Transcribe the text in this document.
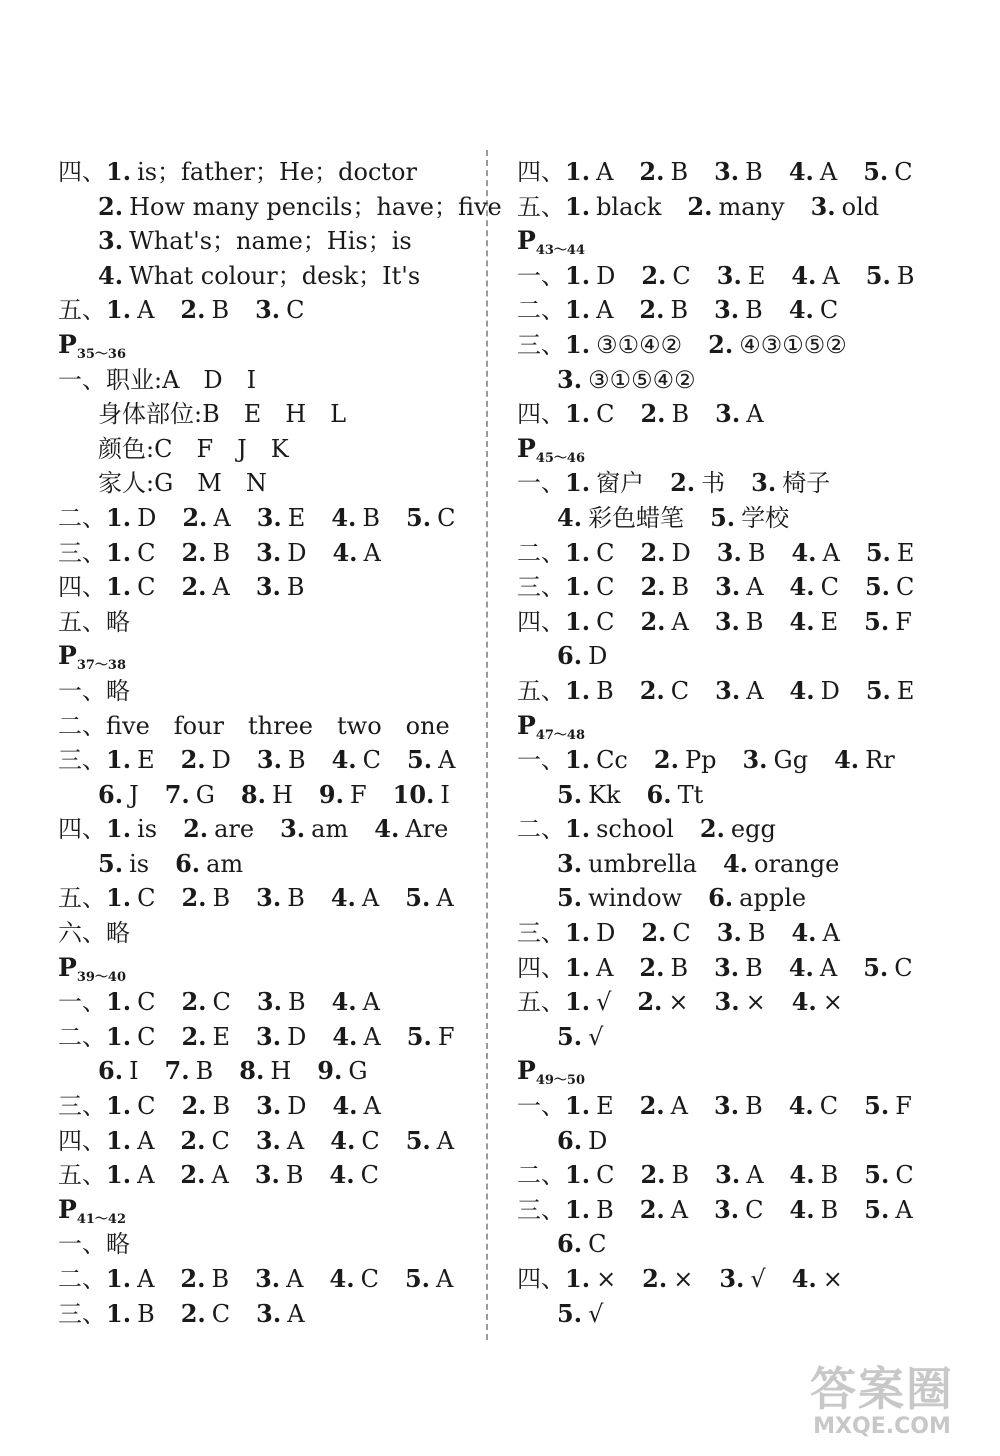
四、1. is；father；He；doctor
2. How many pencils；have；five
3. What's；name；His；is
4. What colour；desk；It's
五、1. A 2. B 3. C
$P_{35\sim 36}$
一、职业:A　D　I
身体部位:B　E　H　L
颜色:C　F　J　K
家人:G　M　N
二、1. D 2. A 3. E 4. B 5. C
三、1. C 2. B 3. D 4. A
四、1. C 2. A 3. B
五、略
$P_{37\sim 38}$
一、略
二、five　four　three　two　one
三、1. E 2. D 3. B 4. C 5. A
6. J 7. G 8. H 9. F 10. I
四、1. is 2. are 3. am 4. Are
5. is 6. am
五、1. C 2. B 3. B 4. A 5. A
六、略
$P_{39\sim 40}$
一、1. C 2. C 3. B 4. A
二、1. C 2. E 3. D 4. A 5. F
6. I 7. B 8. H 9. G
三、1. C 2. B 3. D 4. A
四、1. A 2. C 3. A 4. C 5. A
五、1. A 2. A 3. B 4. C
$P_{41\sim 42}$
一、略
二、1. A 2. B 3. A 4. C 5. A
三、1. B 2. C 3. A
四、1. A 2. B 3. B 4. A 5. C
五、1. black 2. many 3. old
$P_{43\sim 44}$
一、1. D 2. C 3. E 4. A 5. B
二、1. A 2. B 3. B 4. C
三、1. ③①④② 2. ④③①⑤②
3. ③①⑤④②
四、1. C 2. B 3. A
$P_{45\sim 46}$
一、1. 窗户 2. 书 3. 椅子
4. 彩色蜡笔 5. 学校
二、1. C 2. D 3. B 4. A 5. E
三、1. C 2. B 3. A 4. C 5. C
四、1. C 2. A 3. B 4. E 5. F
6. D
五、1. B 2. C 3. A 4. D 5. E
$P_{47\sim 48}$
一、1. Cc 2. Pp 3. Gg 4. Rr
5. Kk 6. Tt
二、1. school 2. egg
3. umbrella 4. orange
5. window 6. apple
三、1. D 2. C 3. B 4. A
四、1. A 2. B 3. B 4. A 5. C
五、1. √ 2. × 3. × 4. ×
5. √
$P_{49\sim 50}$
一、1. E 2. A 3. B 4. C 5. F
6. D
二、1. C 2. B 3. A 4. B 5. C
三、1. B 2. A 3. C 4. B 5. A
6. C
四、1. × 2. × 3. √ 4. ×
5. √
答案圈
MXQE.COM
